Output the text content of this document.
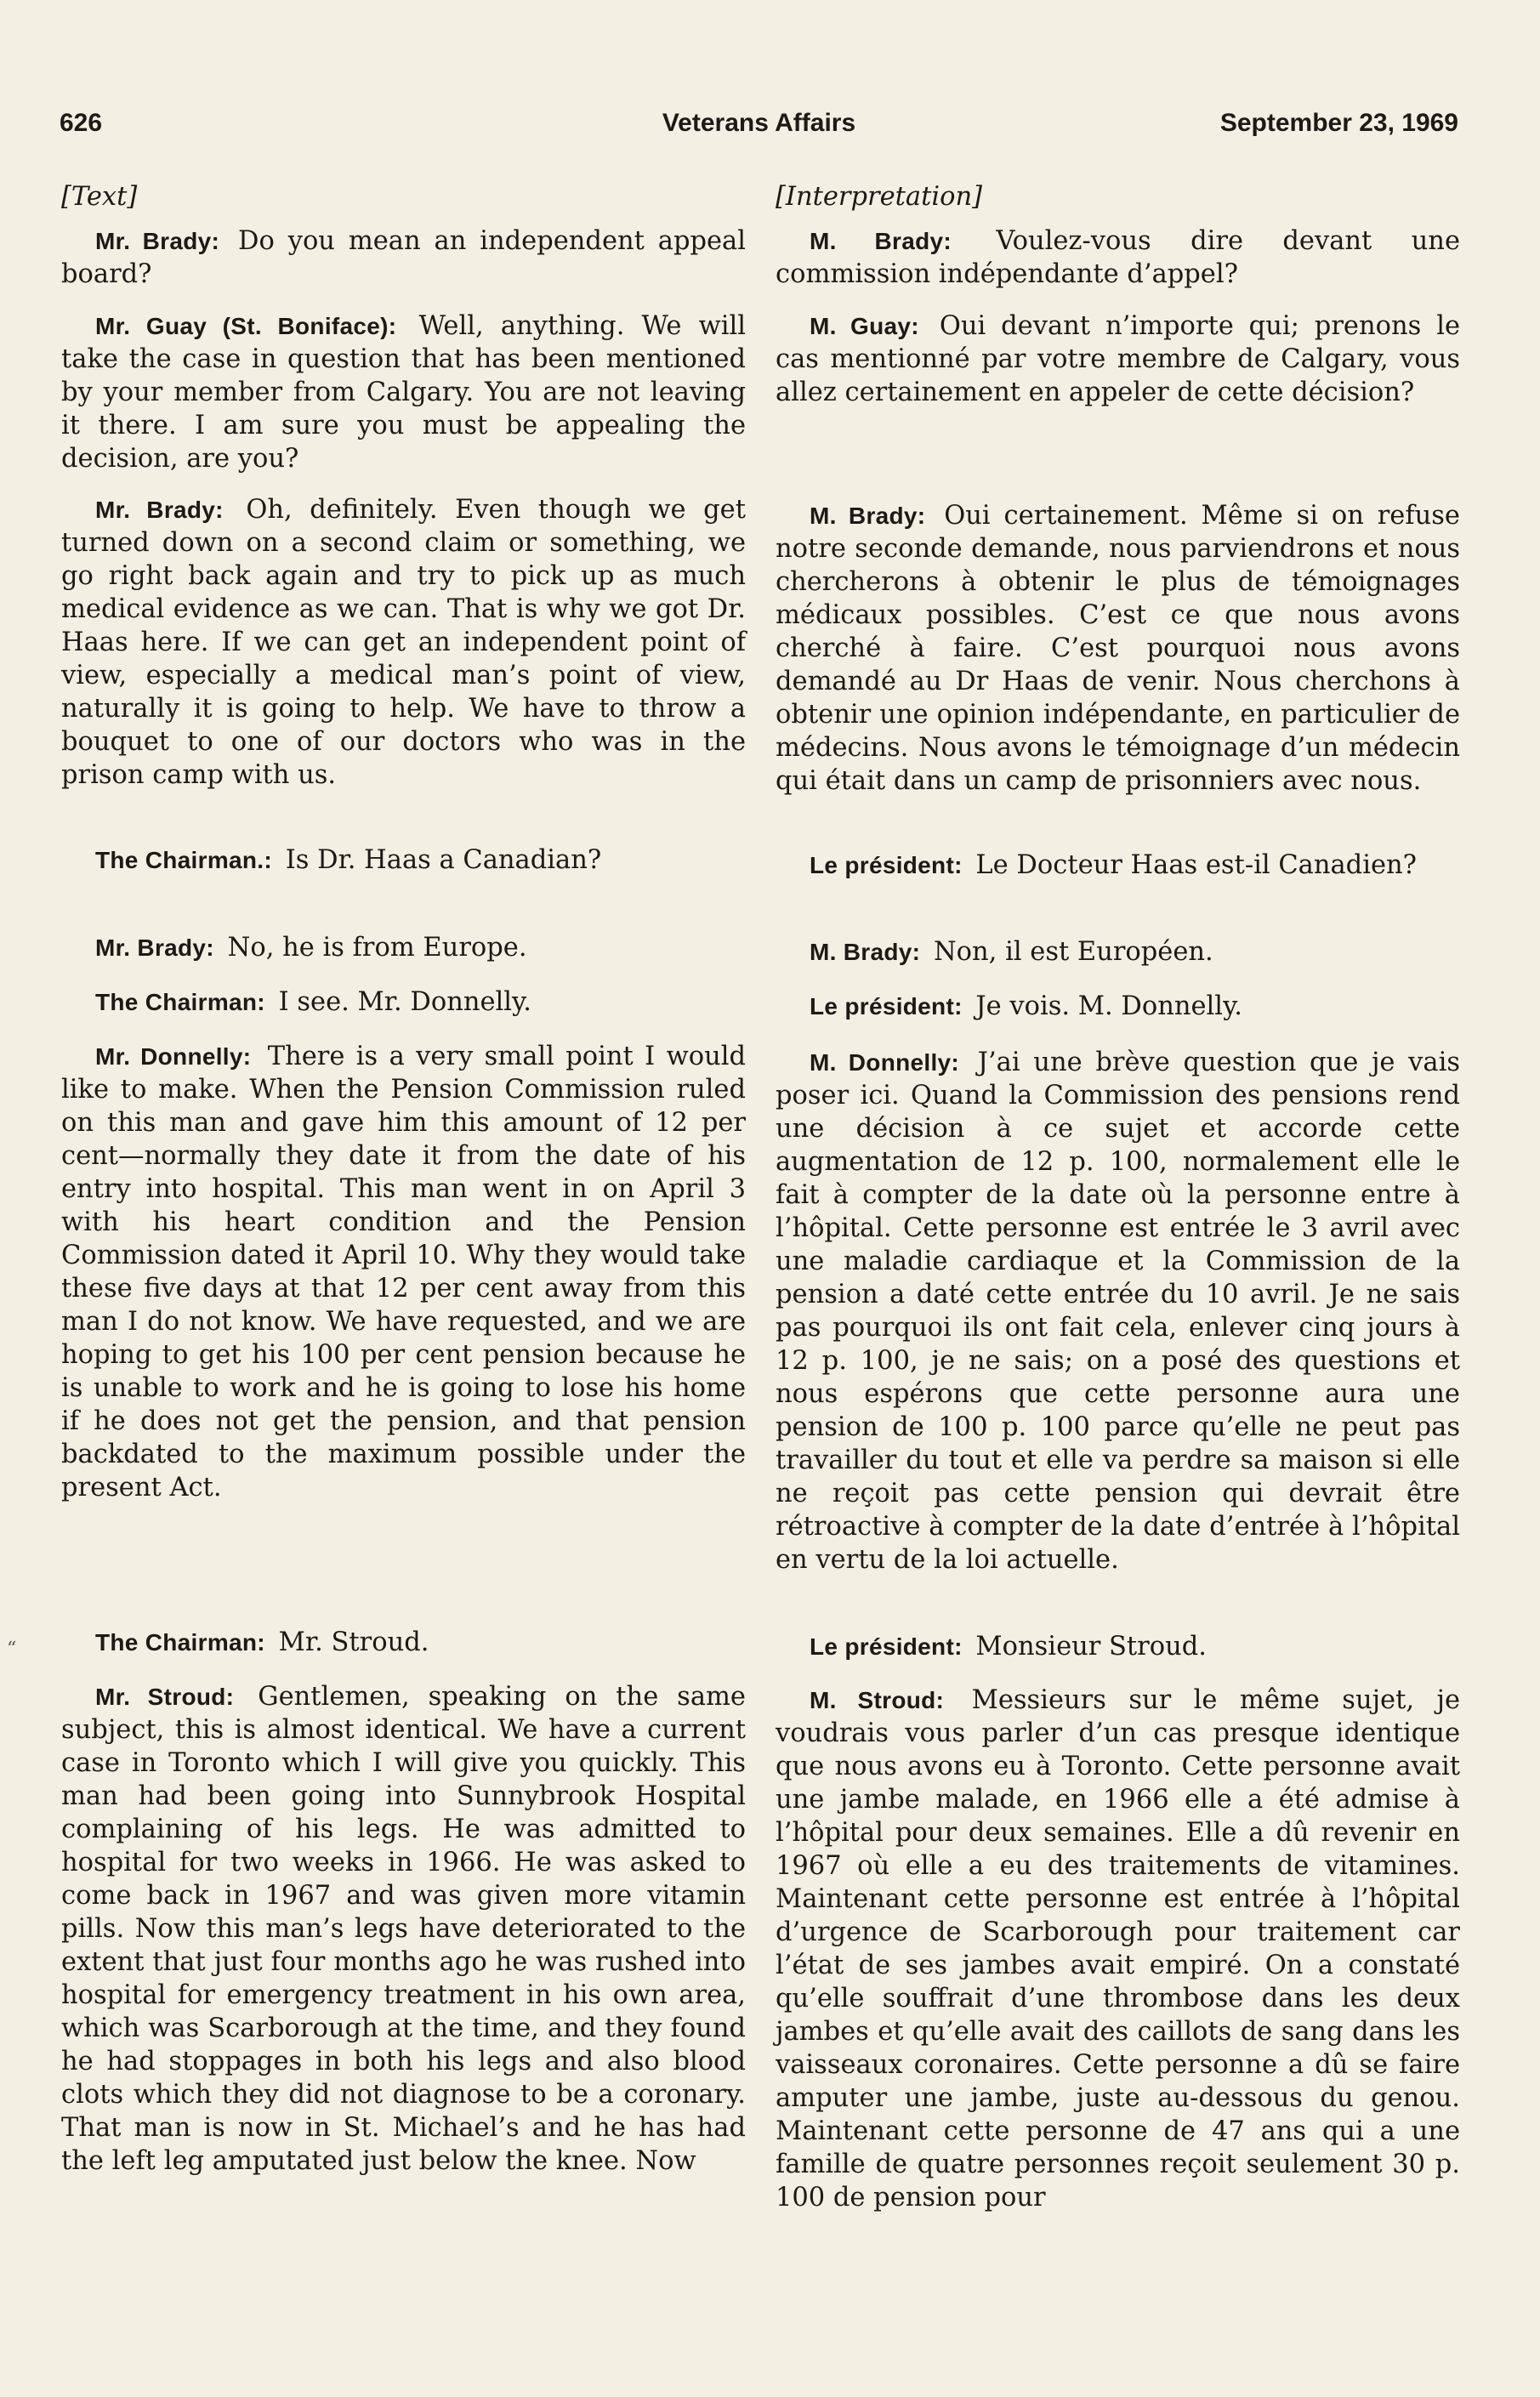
626	Veterans Affairs	September 23, 1969
[Text]

Mr. Brady: Do you mean an independent appeal board?

Mr. Guay (St. Boniface): Well, anything. We will take the case in question that has been mentioned by your member from Calgary. You are not leaving it there. I am sure you must be appealing the decision, are you?

Mr. Brady: Oh, definitely. Even though we get turned down on a second claim or something, we go right back again and try to pick up as much medical evidence as we can. That is why we got Dr. Haas here. If we can get an independent point of view, especially a medical man’s point of view, naturally it is going to help. We have to throw a bouquet to one of our doctors who was in the prison camp with us.

The Chairman.: Is Dr. Haas a Canadian?

Mr. Brady: No, he is from Europe.

The Chairman: I see. Mr. Donnelly.

Mr. Donnelly: There is a very small point I would like to make. When the Pension Commission ruled on this man and gave him this amount of 12 per cent—normally they date it from the date of his entry into hospital. This man went in on April 3 with his heart condition and the Pension Commission dated it April 10. Why they would take these five days at that 12 per cent away from this man I do not know. We have requested, and we are hoping to get his 100 per cent pension because he is unable to work and he is going to lose his home if he does not get the pension, and that pension backdated to the maximum possible under the present Act.

The Chairman: Mr. Stroud.

Mr. Stroud: Gentlemen, speaking on the same subject, this is almost identical. We have a current case in Toronto which I will give you quickly. This man had been going into Sunnybrook Hospital complaining of his legs. He was admitted to hospital for two weeks in 1966. He was asked to come back in 1967 and was given more vitamin pills. Now this man’s legs have deteriorated to the extent that just four months ago he was rushed into hospital for emergency treatment in his own area, which was Scarborough at the time, and they found he had stoppages in both his legs and also blood clots which they did not diagnose to be a coronary. That man is now in St. Michael’s and he has had the left leg amputated just below the knee. Now

[Interpretation]

M. Brady: Voulez-vous dire devant une commission indépendante d’appel?

M. Guay: Oui devant n’importe qui; prenons le cas mentionné par votre membre de Calgary, vous allez certainement en appeler de cette décision?

M. Brady: Oui certainement. Même si on refuse notre seconde demande, nous parviendrons et nous chercherons à obtenir le plus de témoignages médicaux possibles. C’est ce que nous avons cherché à faire. C’est pourquoi nous avons demandé au Dr Haas de venir. Nous cherchons à obtenir une opinion indépendante, en particulier de médecins. Nous avons le témoignage d’un médecin qui était dans un camp de prisonniers avec nous.

Le président: Le Docteur Haas est-il Canadien?

M. Brady: Non, il est Européen.

Le président: Je vois. M. Donnelly.

M. Donnelly: J’ai une brève question que je vais poser ici. Quand la Commission des pensions rend une décision à ce sujet et accorde cette augmentation de 12 p. 100, normalement elle le fait à compter de la date où la personne entre à l’hôpital. Cette personne est entrée le 3 avril avec une maladie cardiaque et la Commission de la pension a daté cette entrée du 10 avril. Je ne sais pas pourquoi ils ont fait cela, enlever cinq jours à 12 p. 100, je ne sais; on a posé des questions et nous espérons que cette personne aura une pension de 100 p. 100 parce qu’elle ne peut pas travailler du tout et elle va perdre sa maison si elle ne reçoit pas cette pension qui devrait être rétroactive à compter de la date d’entrée à l’hôpital en vertu de la loi actuelle.

Le président: Monsieur Stroud.

M. Stroud: Messieurs sur le même sujet, je voudrais vous parler d’un cas presque identique que nous avons eu à Toronto. Cette personne avait une jambe malade, en 1966 elle a été admise à l’hôpital pour deux semaines. Elle a dû revenir en 1967 où elle a eu des traitements de vitamines. Maintenant cette personne est entrée à l’hôpital d’urgence de Scarborough pour traitement car l’état de ses jambes avait empiré. On a constaté qu’elle souffrait d’une thrombose dans les deux jambes et qu’elle avait des caillots de sang dans les vaisseaux coronaires. Cette personne a dû se faire amputer une jambe, juste au-dessous du genou. Maintenant cette personne de 47 ans qui a une famille de quatre personnes reçoit seulement 30 p. 100 de pension pour

“
